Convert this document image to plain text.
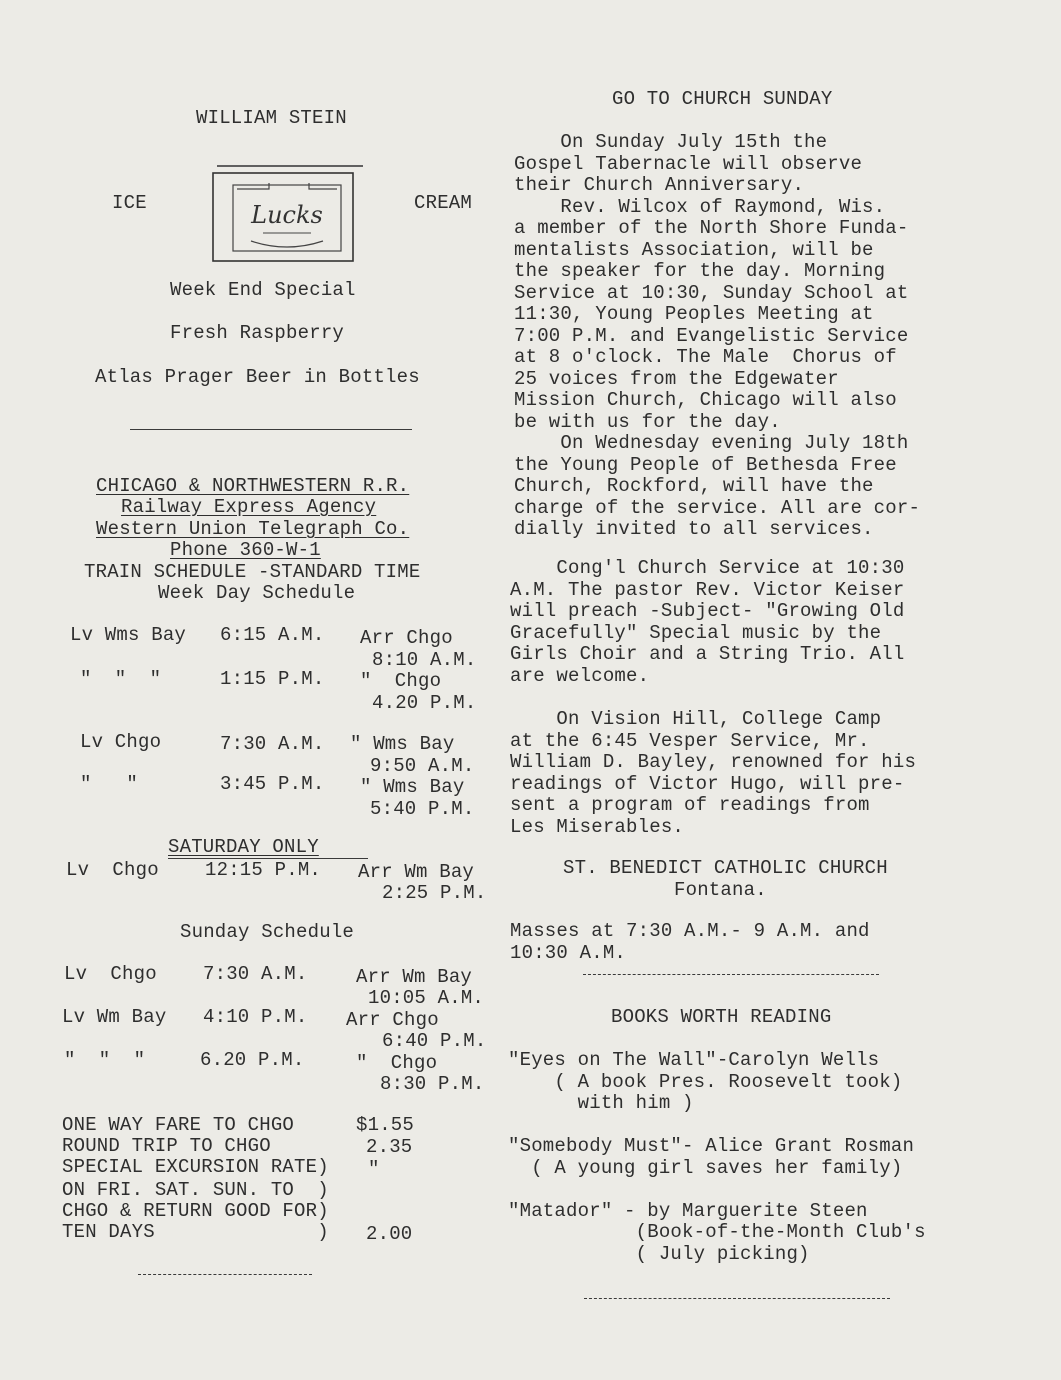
WILLIAM STEIN
ICE	CREAM
Lucks
Week End Special
Fresh Raspberry
Atlas Prager Beer in Bottles
CHICAGO & NORTHWESTERN R.R.
Railway Express Agency
Western Union Telegraph Co.
Phone 360-W-1
TRAIN SCHEDULE -STANDARD TIME
Week Day Schedule
Lv Wms Bay 6:15 A.M. Arr Chgo
8:10 A.M.
"  "  "	1:15 P.M. "  Chgo
4.20 P.M.
Lv Chgo	7:30 A.M. " Wms Bay
9:50 A.M.
"   "	3:45 P.M. " Wms Bay
5:40 P.M.
SATURDAY ONLY
Lv  Chgo 12:15 P.M. Arr Wm Bay
2:25 P.M.
Sunday Schedule
Lv  Chgo 7:30 A.M.	Arr Wm Bay
10:05 A.M.
Lv Wm Bay 4:10 P.M. Arr Chgo
6:40 P.M.
"  "  "	6.20 P.M.	"  Chgo
8:30 P.M.
ONE WAY FARE TO CHGO	$1.55
ROUND TRIP TO CHGO	2.35
SPECIAL EXCURSION RATE) "
ON FRI. SAT. SUN. TO  )
CHGO & RETURN GOOD FOR)
TEN DAYS              ) 2.00
GO TO CHURCH SUNDAY
On Sunday July 15th the
Gospel Tabernacle will observe
their Church Anniversary.
Rev. Wilcox of Raymond, Wis.
a member of the North Shore Funda-
mentalists Association, will be
the speaker for the day. Morning
Service at 10:30, Sunday School at
11:30, Young Peoples Meeting at
7:00 P.M. and Evangelistic Service
at 8 o'clock. The Male  Chorus of
25 voices from the Edgewater
Mission Church, Chicago will also
be with us for the day.
On Wednesday evening July 18th
the Young People of Bethesda Free
Church, Rockford, will have the
charge of the service. All are cor-
dially invited to all services.
Cong'l Church Service at 10:30
A.M. The pastor Rev. Victor Keiser
will preach -Subject- "Growing Old
Gracefully" Special music by the
Girls Choir and a String Trio. All
are welcome.
On Vision Hill, College Camp
at the 6:45 Vesper Service, Mr.
William D. Bayley, renowned for his
readings of Victor Hugo, will pre-
sent a program of readings from
Les Miserables.
ST. BENEDICT CATHOLIC CHURCH
Fontana.
Masses at 7:30 A.M.- 9 A.M. and
10:30 A.M.
BOOKS WORTH READING
"Eyes on The Wall"-Carolyn Wells
( A book Pres. Roosevelt took)
with him )
"Somebody Must"- Alice Grant Rosman
( A young girl saves her family)
"Matador" - by Marguerite Steen
(Book-of-the-Month Club's
( July picking)
